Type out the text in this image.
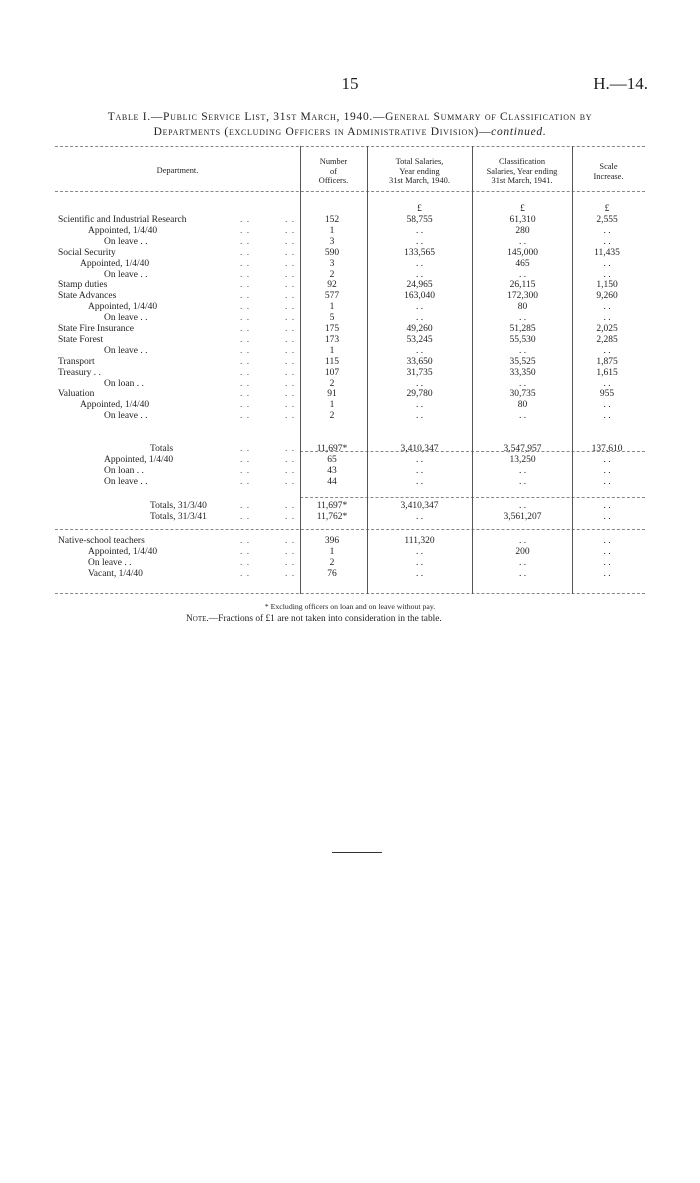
15	H.—14.
Table I.—Public Service List, 31st March, 1940.—General Summary of Classification by
Departments (excluding Officers in Administrative Division)—continued.
Department.
Number
of
Officers.
Total Salaries,
Year ending
31st March, 1940.
Classification
Salaries, Year ending
31st March, 1941.
Scale
Increase.
£	£	£
Scientific and Industrial Research	152	58,755	61,310	2,555
. .	. .
Appointed, 1/4/40	1	. .	280	. .
. .	. .
On leave . .	3	. .	. .	. .
. .	. .
Social Security	590	133,565	145,000	11,435
. .	. .
Appointed, 1/4/40	3	. .	465	. .
. .	. .
On leave . .	2	. .	. .	. .
. .	. .
Stamp duties	92	24,965	26,115	1,150
. .	. .
State Advances	577	163,040	172,300	9,260
. .	. .
Appointed, 1/4/40	1	. .	80	. .
. .	. .
On leave . .	5	. .	. .	. .
. .	. .
State Fire Insurance	175	49,260	51,285	2,025
. .	. .
State Forest	173	53,245	55,530	2,285
. .	. .
On leave . .	1	. .	. .	. .
. .	. .
Transport	115	33,650	35,525	1,875
. .	. .
Treasury . .	107	31,735	33,350	1,615
. .	. .
On loan . .	2	. .	. .	. .
. .	. .
Valuation	91	29,780	30,735	955
. .	. .
Appointed, 1/4/40	1	. .	80	. .
. .	. .
On leave . .	2	. .	. .	. .
. .	. .
Totals	11,697*	3,410,347	3,547,957	137,610
. .	. .
Appointed, 1/4/40	65	. .	13,250	. .
. .	. .
On loan . .	43	. .	. .	. .
. .	. .
On leave . .	44	. .	. .	. .
. .	. .
Totals, 31/3/40	11,697*	3,410,347	. .	. .
. .	. .
Totals, 31/3/41	11,762*	. .	3,561,207	. .
. .	. .
Native-school teachers	396	111,320	. .	. .
. .	. .
Appointed, 1/4/40	1	. .	200	. .
. .	. .
On leave . .	2	. .	. .	. .
. .	. .
Vacant, 1/4/40	76	. .	. .	. .
. .	. .
* Excluding officers on loan and on leave without pay.
Note.—Fractions of £1 are not taken into consideration in the table.
